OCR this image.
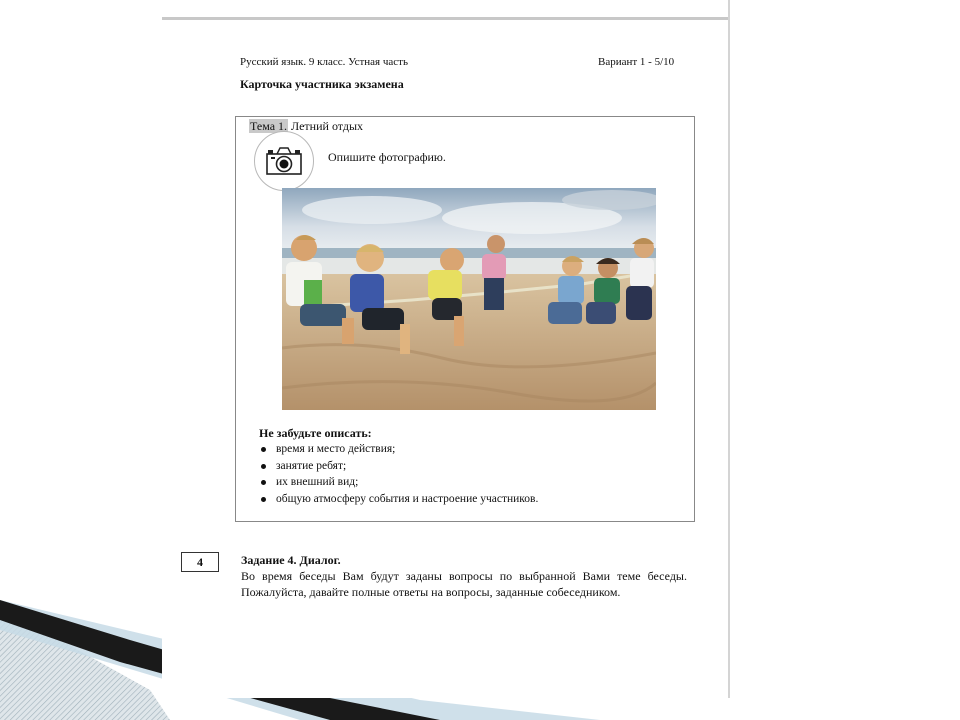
Русский язык. 9 класс. Устная часть	Вариант 1 - 5/10
Карточка участника экзамена
Тема 1. Летний отдых
Опишите фотографию.
Не забудьте описать:
время и место действия;
занятие ребят;
их внешний вид;
общую атмосферу события и настроение участников.
4	Задание 4. Диалог.
Во время беседы Вам будут заданы вопросы по выбранной Вами теме беседы. Пожалуйста, давайте полные ответы на вопросы, заданные собеседником.
